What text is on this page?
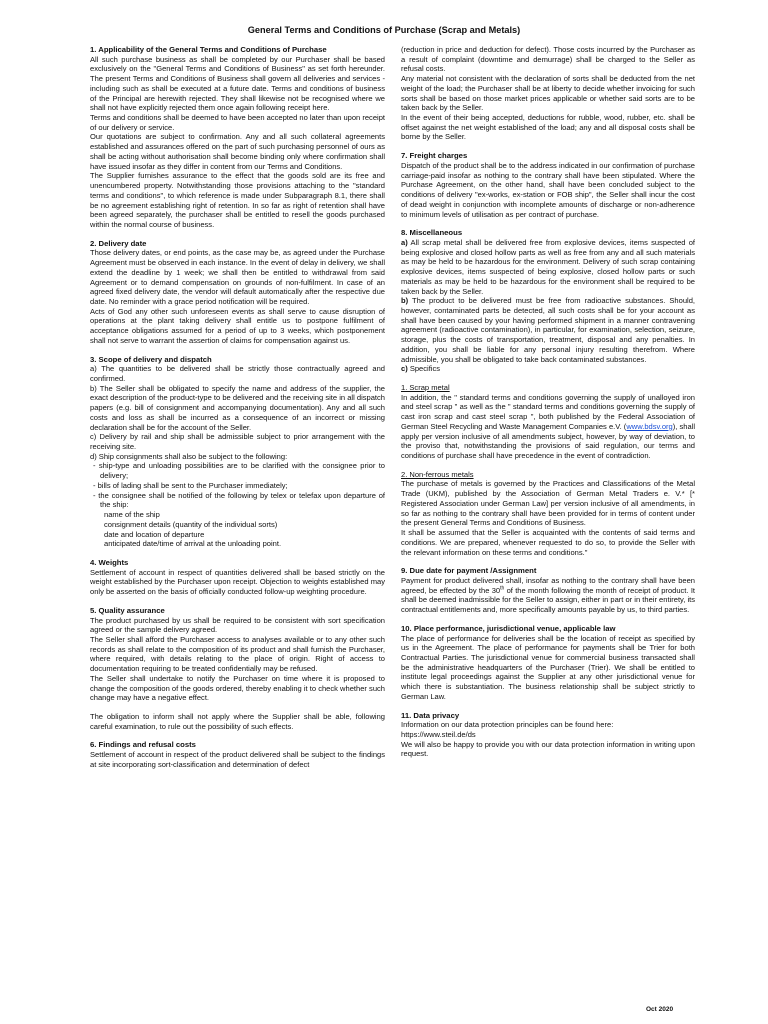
General Terms and Conditions of Purchase (Scrap and Metals)
1. Applicability of the General Terms and Conditions of Purchase

All such purchase business as shall be completed by our Purchaser shall be based exclusively on the "General Terms and Conditions of Business" as set forth hereunder. The present Terms and Conditions of Business shall govern all deliveries and services - including such as shall be executed at a future date. Terms and conditions of business of the Principal are herewith rejected. They shall likewise not be recognised where we shall not have explicitly rejected them once again following receipt here.

Terms and conditions shall be deemed to have been accepted no later than upon receipt of our delivery or service.

Our quotations are subject to confirmation. Any and all such collateral agreements established and assurances offered on the part of such purchasing personnel of ours as shall be acting without authorisation shall become binding only where confirmation shall have issued insofar as they differ in content from our Terms and Conditions.

The Supplier furnishes assurance to the effect that the goods sold are its free and unencumbered property. Notwithstanding those provisions attaching to the "standard terms and conditions", to which reference is made under Subparagraph 8.1, there shall be no agreement establishing right of retention. In so far as right of retention shall have been agreed separately, the purchaser shall be entitled to resell the goods purchased within the normal course of business.

2. Delivery date

Those delivery dates, or end points, as the case may be, as agreed under the Purchase Agreement must be observed in each instance. In the event of delay in delivery, we shall extend the deadline by 1 week; we shall then be entitled to withdrawal from said Agreement or to demand compensation on grounds of non-fulfilment. In case of an agreed fixed delivery date, the vendor will default automatically after the respective due date. No reminder with a grace period notification will be required.

Acts of God any other such unforeseen events as shall serve to cause disruption of operations at the plant taking delivery shall entitle us to postpone fulfilment of acceptance obligations assumed for a period of up to 3 weeks, which postponement shall not serve to warrant the assertion of claims for compensation against us.

3. Scope of delivery and dispatch

a) The quantities to be delivered shall be strictly those contractually agreed and confirmed.

b) The Seller shall be obligated to specify the name and address of the supplier, the exact description of the product-type to be delivered and the receiving site in all dispatch papers (e.g. bill of consignment and accompanying documentation). Any and all such costs and loss as shall be incurred as a consequence of an incorrect or missing declaration shall be for the account of the Seller.

c) Delivery by rail and ship shall be admissible subject to prior arrangement with the receiving site.

d) Ship consignments shall also be subject to the following:

- ship-type and unloading possibilities are to be clarified with the consignee prior to delivery;

- bills of lading shall be sent to the Purchaser immediately;

- the consignee shall be notified of the following by telex or telefax upon departure of the ship:

name of the ship

consignment details (quantity of the individual sorts)

date and location of departure

anticipated date/time of arrival at the unloading point.

4. Weights

Settlement of account in respect of quantities delivered shall be based strictly on the weight established by the Purchaser upon receipt. Objection to weights established may only be asserted on the basis of officially conducted follow-up weighting procedure.

5. Quality assurance

The product purchased by us shall be required to be consistent with sort specification agreed or the sample delivery agreed.

The Seller shall afford the Purchaser access to analyses available or to any other such records as shall relate to the composition of its product and shall furnish the Purchaser, where required, with details relating to the place of origin. Right of access to documentation requiring to be treated confidentially may be refused.

The Seller shall undertake to notify the Purchaser on time where it is proposed to change the composition of the goods ordered, thereby enabling it to check whether such change may have a negative effect.

The obligation to inform shall not apply where the Supplier shall be able, following careful examination, to rule out the possibility of such effects.

6. Findings and refusal costs

Settlement of account in respect of the product delivered shall be subject to the findings at site incorporating sort-classification and determination of defect

(reduction in price and deduction for defect). Those costs incurred by the Purchaser as a result of complaint (downtime and demurrage) shall be charged to the Seller as refusal costs.

Any material not consistent with the declaration of sorts shall be deducted from the net weight of the load; the Purchaser shall be at liberty to decide whether invoicing for such sorts shall be based on those market prices applicable or whether said sorts are to be taken back by the Seller.

In the event of their being accepted, deductions for rubble, wood, rubber, etc. shall be offset against the net weight established of the load; any and all disposal costs shall be borne by the Seller.

7. Freight charges

Dispatch of the product shall be to the address indicated in our confirmation of purchase carriage-paid insofar as nothing to the contrary shall have been stipulated. Where the Purchase Agreement, on the other hand, shall have been concluded subject to the conditions of delivery "ex-works, ex-station or FOB ship", the Seller shall incur the cost of dead weight in conjunction with incomplete amounts of discharge or non-adherence to minimum levels of utilisation as per contract of purchase.

8. Miscellaneous

a) All scrap metal shall be delivered free from explosive devices, items suspected of being explosive and closed hollow parts as well as free from any and all such materials as may be held to be hazardous for the environment. Delivery of such scrap containing explosive devices, items suspected of being explosive, closed hollow parts or such materials as may be held to be hazardous for the environment shall be required to be taken back by the Seller.

b) The product to be delivered must be free from radioactive substances. Should, however, contaminated parts be detected, all such costs shall be for your account as shall have been caused by your having performed shipment in a manner contravening agreement (radioactive contamination), in particular, for examination, selection, seizure, storage, plus the costs of transportation, treatment, disposal and any penalties. In addition, you shall be liable for any personal injury resulting therefrom. Where admissible, you shall be obligated to take back contaminated substances.

c) Specifics

1. Scrap metal

In addition, the " standard terms and conditions governing the supply of unalloyed iron and steel scrap " as well as the " standard terms and conditions governing the supply of cast iron scrap and cast steel scrap ", both published by the Federal Association of German Steel Recycling and Waste Management Companies e.V. (www.bdsv.org), shall apply per version inclusive of all amendments subject, however, by way of deviation, to the proviso that, notwithstanding the provisions of said regulation, our terms and conditions of purchase shall have precedence in the event of contradiction.

2. Non-ferrous metals

The purchase of metals is governed by the Practices and Classifications of the Metal Trade (UKM), published by the Association of German Metal Traders e. V.* [* Registered Association under German Law] per version inclusive of all amendments, in so far as nothing to the contrary shall have been provided for in terms of content under the present General Terms and Conditions of Business.

It shall be assumed that the Seller is acquainted with the contents of said terms and conditions. We are prepared, whenever requested to do so, to provide the Seller with the relevant information on these terms and conditions."

9. Due date for payment /Assignment

Payment for product delivered shall, insofar as nothing to the contrary shall have been agreed, be effected by the 30th of the month following the month of receipt of product. It shall be deemed inadmissible for the Seller to assign, either in part or in their entirety, its contractual entitlements and, more specifically amounts payable by us, to third parties.

10. Place performance, jurisdictional venue, applicable law

The place of performance for deliveries shall be the location of receipt as specified by us in the Agreement. The place of performance for payments shall be Trier for both Contractual Parties. The jurisdictional venue for commercial business transacted shall be the administrative headquarters of the Purchaser (Trier). We shall be entitled to institute legal proceedings against the Supplier at any other jurisdictional venue for which there is substantiation. The business relationship shall be subject strictly to German Law.

11. Data privacy

Information on our data protection principles can be found here:

https://www.steil.de/ds

We will also be happy to provide you with our data protection information in writing upon request.

Oct 2020
